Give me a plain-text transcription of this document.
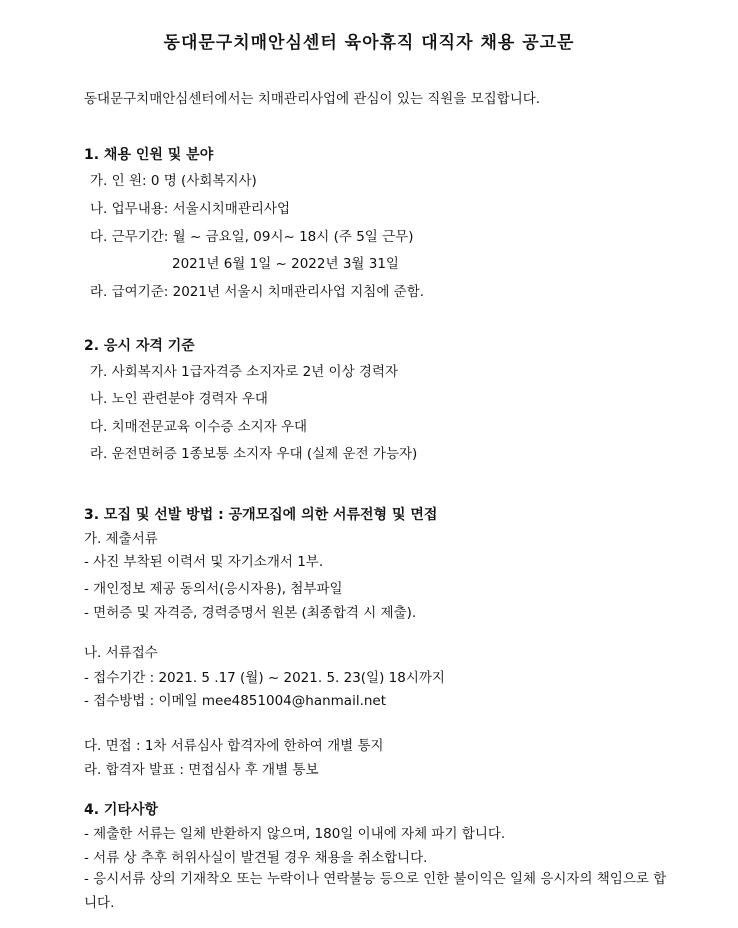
동대문구치매안심센터 육아휴직 대직자 채용 공고문
동대문구치매안심센터에서는 치매관리사업에 관심이 있는 직원을 모집합니다.
1. 채용 인원 및 분야
가. 인 원: 0 명 (사회복지사)
나. 업무내용: 서울시치매관리사업
다. 근무기간: 월 ~ 금요일, 09시~ 18시 (주 5일 근무)
2021년 6월 1일 ~ 2022년 3월 31일
라. 급여기준: 2021년 서울시 치매관리사업 지침에 준함.
2. 응시 자격 기준
가. 사회복지사 1급자격증 소지자로 2년 이상 경력자
나. 노인 관련분야 경력자 우대
다. 치매전문교육 이수증 소지자 우대
라. 운전면허증 1종보통 소지자 우대 (실제 운전 가능자)
3. 모집 및 선발 방법 : 공개모집에 의한 서류전형 및 면접
가. 제출서류
- 사진 부착된 이력서 및 자기소개서 1부.
- 개인정보 제공 동의서(응시자용), 첨부파일
- 면허증 및 자격증, 경력증명서 원본 (최종합격 시 제출).
나. 서류접수
- 접수기간 : 2021. 5 .17 (월) ~ 2021. 5. 23(일) 18시까지
- 접수방법 : 이메일 mee4851004@hanmail.net
다. 면접 : 1차 서류심사 합격자에 한하여 개별 통지
라. 합격자 발표 : 면접심사 후 개별 통보
4. 기타사항
- 제출한 서류는 일체 반환하지 않으며, 180일 이내에 자체 파기 합니다.
- 서류 상 추후 허위사실이 발견될 경우 채용을 취소합니다.
- 응시서류 상의 기재착오 또는 누락이나 연락불능 등으로 인한 불이익은 일체 응시자의 책임으로 합니다.
